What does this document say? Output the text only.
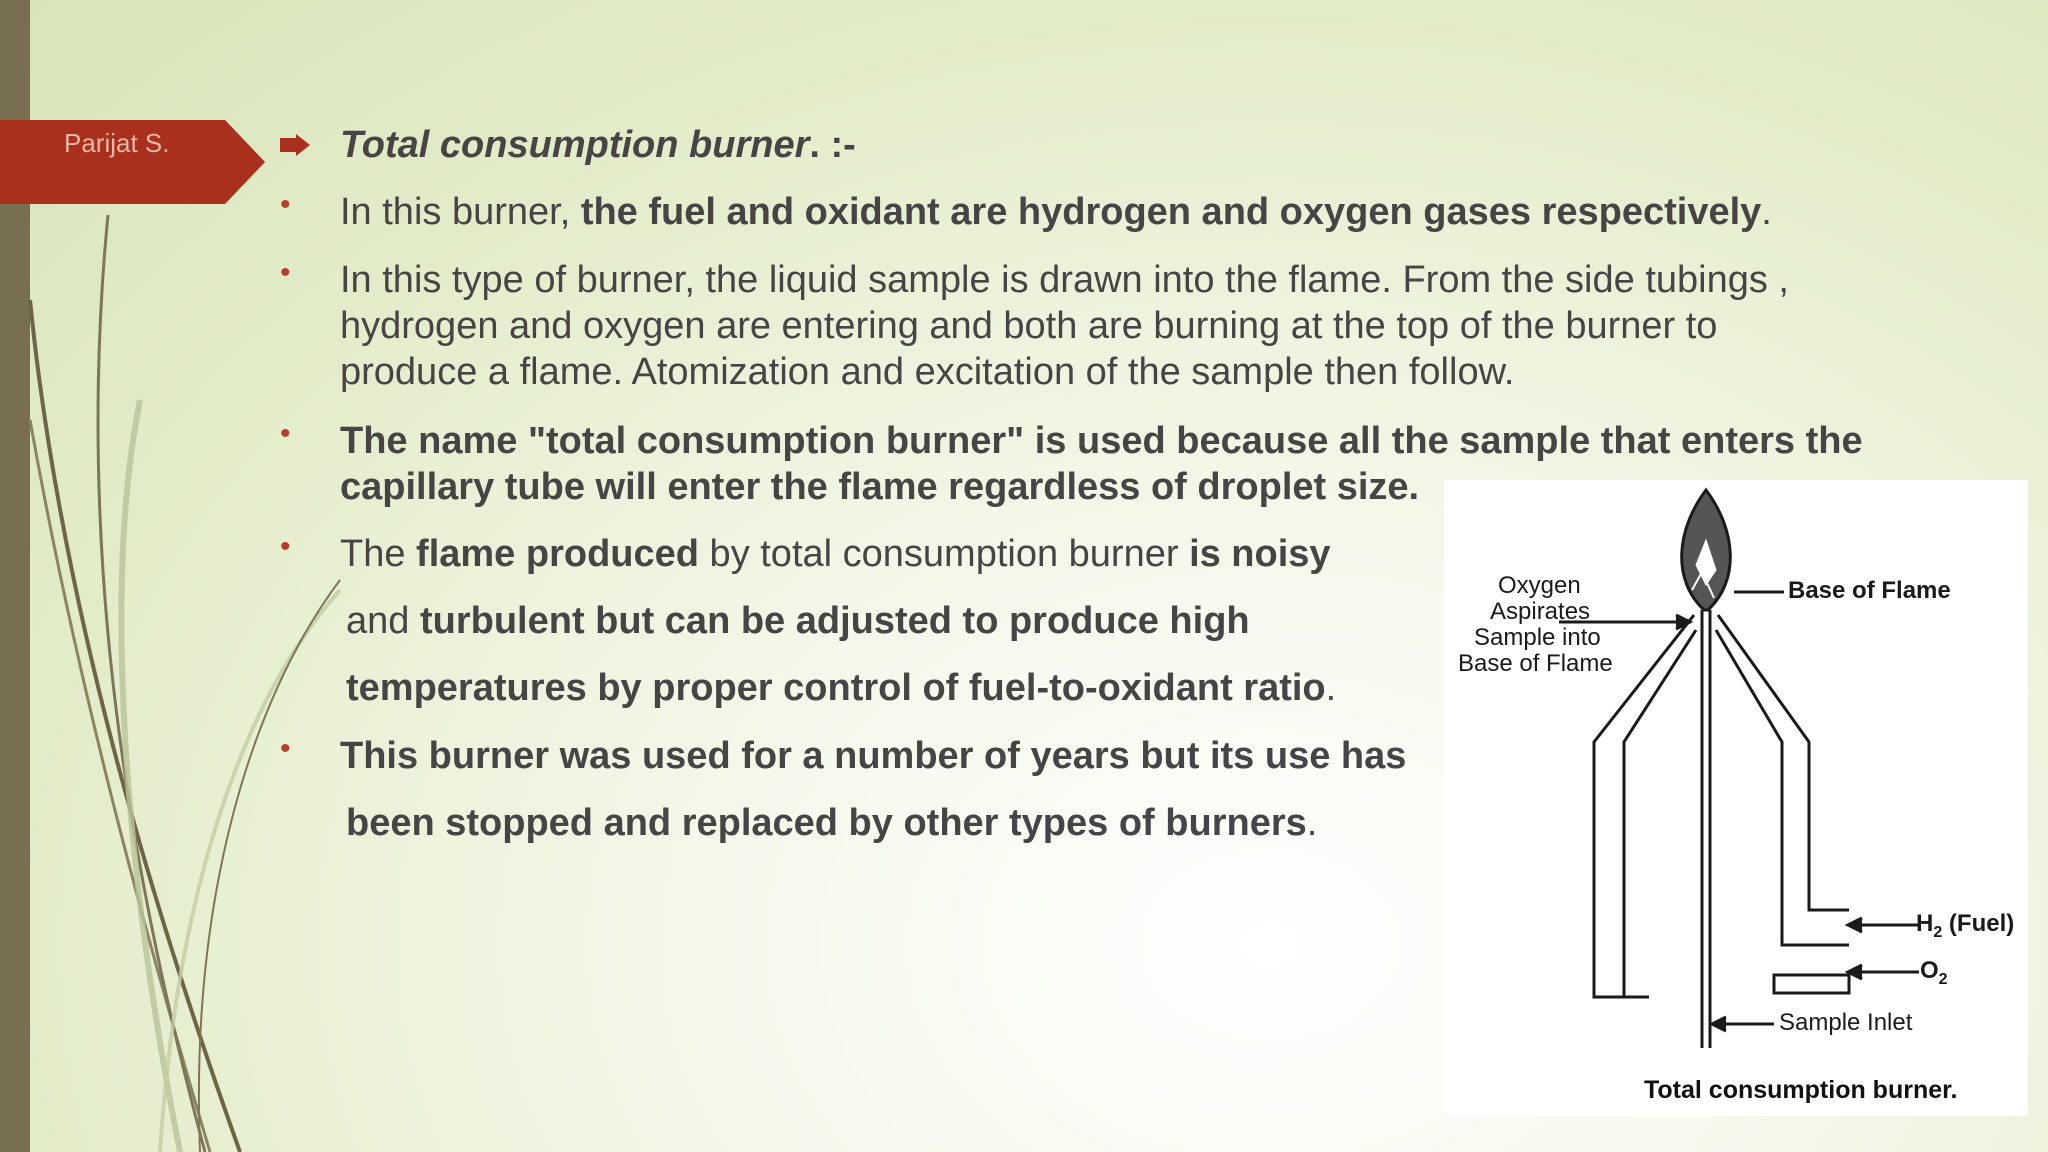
Parijat S.	Total consumption burner. :-
• In this burner, the fuel and oxidant are hydrogen and oxygen gases respectively.
• In this type of burner, the liquid sample is drawn into the flame. From the side tubings ,
hydrogen and oxygen are entering and both are burning at the top of the burner to
produce a flame. Atomization and excitation of the sample then follow.
• The name "total consumption burner" is used because all the sample that enters the
capillary tube will enter the flame regardless of droplet size.
• The flame produced by total consumption burner is noisy
and turbulent but can be adjusted to produce high
temperatures by proper control of fuel-to-oxidant ratio.
• This burner was used for a number of years but its use has
been stopped and replaced by other types of burners.
Oxygen
Aspirates
Sample into
Base of Flame
Base of Flame
$H_2$ (Fuel)
$O_2$
Sample Inlet
Total consumption burner.
